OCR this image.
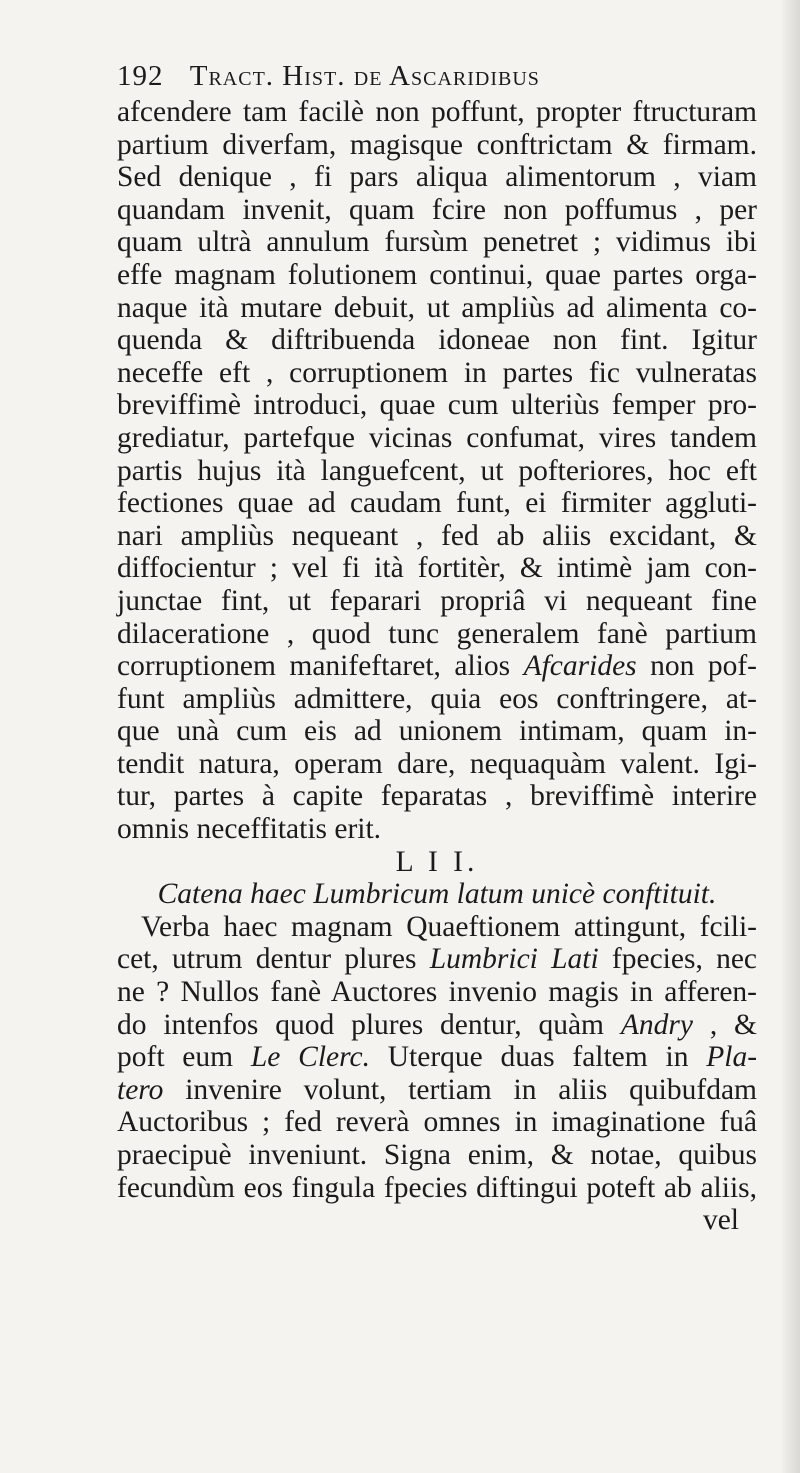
192 Tract. Hist. de Ascaridibus
afcendere tam facilè non poffunt, propter ftructuram
partium diverfam, magisque conftrictam & firmam.
Sed denique , fi pars aliqua alimentorum , viam
quandam invenit, quam fcire non poffumus , per
quam ultrà annulum fursùm penetret ; vidimus ibi
effe magnam folutionem continui, quae partes orga-
naque ità mutare debuit, ut ampliùs ad alimenta co-
quenda & diftribuenda idoneae non fint. Igitur
neceffe eft , corruptionem in partes fic vulneratas
breviffimè introduci, quae cum ulteriùs femper pro-
grediatur, partefque vicinas confumat, vires tandem
partis hujus ità languefcent, ut pofteriores, hoc eft
fectiones quae ad caudam funt, ei firmiter aggluti-
nari ampliùs nequeant , fed ab aliis excidant, &
diffocientur ; vel fi ità fortitèr, & intimè jam con-
junctae fint, ut feparari propriâ vi nequeant fine
dilaceratione , quod tunc generalem fanè partium
corruptionem manifeftaret, alios Afcarides non pof-
funt ampliùs admittere, quia eos conftringere, at-
que unà cum eis ad unionem intimam, quam in-
tendit natura, operam dare, nequaquàm valent. Igi-
tur, partes à capite feparatas , breviffimè interire
omnis neceffitatis erit.
L I I.
Catena haec Lumbricum latum unicè conftituit.
Verba haec magnam Quaeftionem attingunt, fcili-
cet, utrum dentur plures Lumbrici Lati fpecies, nec
ne ? Nullos fanè Auctores invenio magis in afferen-
do intenfos quod plures dentur, quàm Andry , &
poft eum Le Clerc. Uterque duas faltem in Pla-
tero invenire volunt, tertiam in aliis quibufdam
Auctoribus ; fed reverà omnes in imaginatione fuâ
praecipuè inveniunt. Signa enim, & notae, quibus
fecundùm eos fingula fpecies diftingui poteft ab aliis,
vel
